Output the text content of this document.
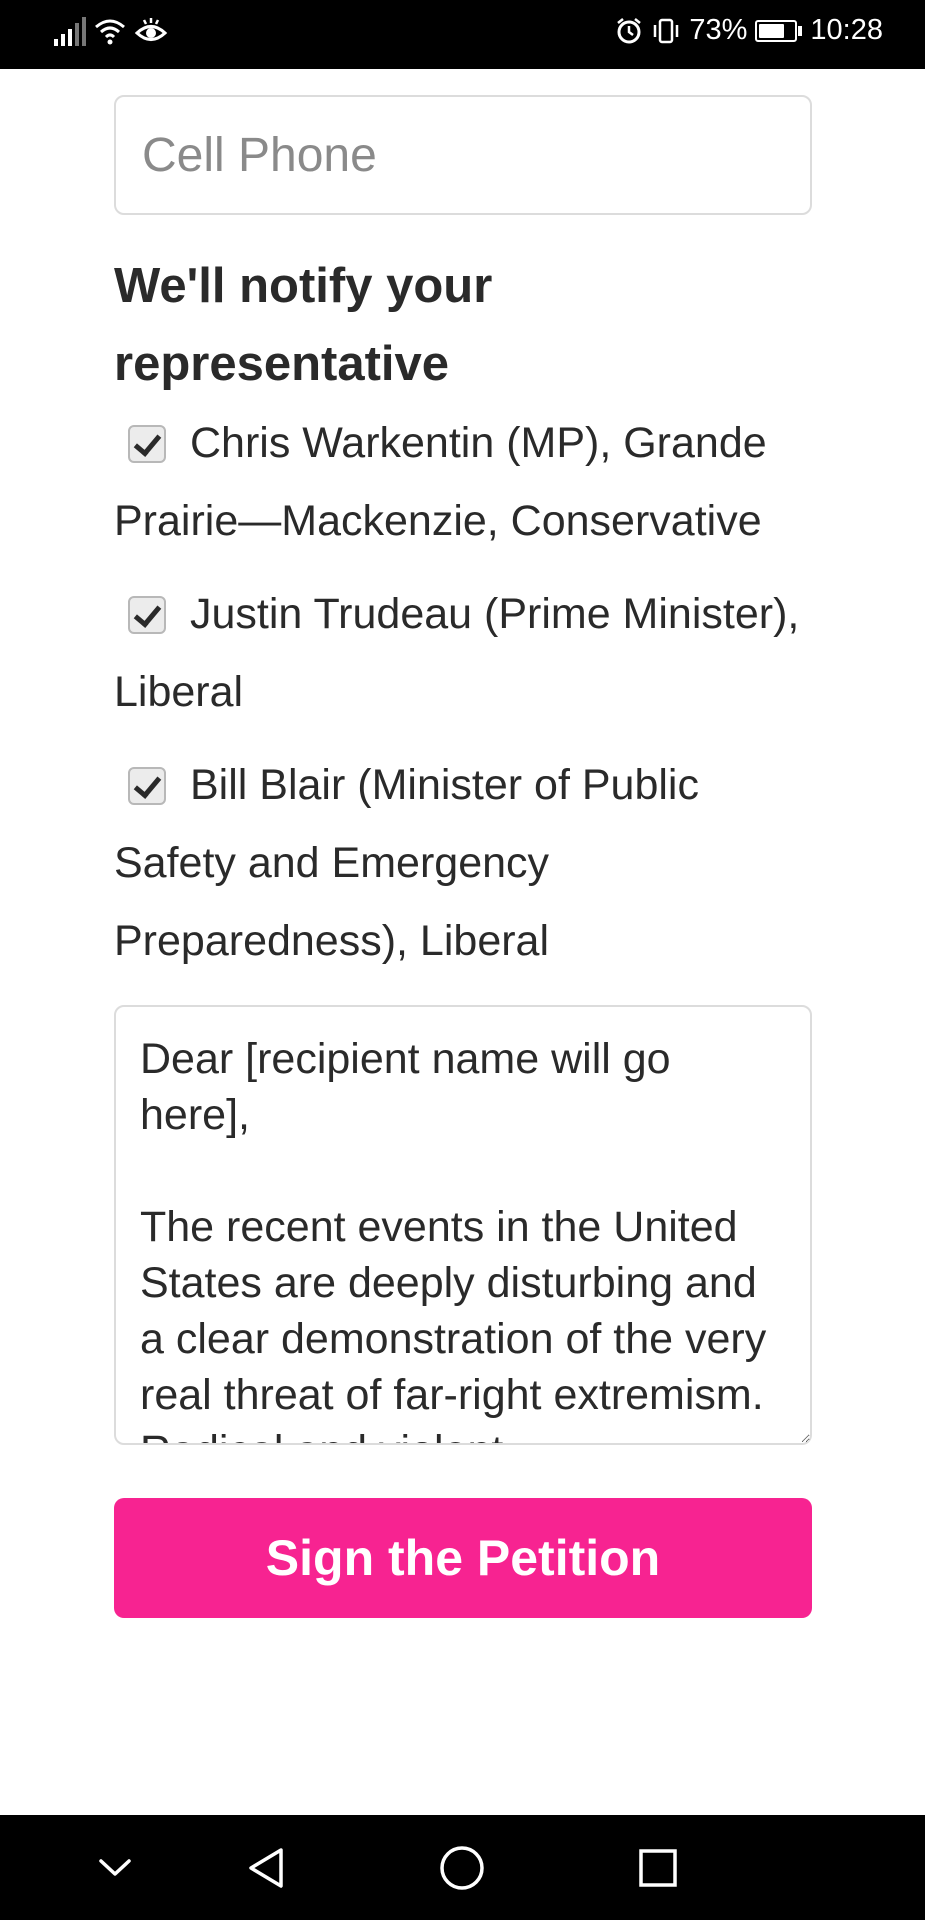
73% 10:28
Cell Phone
We'll notify your representative
Chris Warkentin (MP), Grande Prairie—Mackenzie, Conservative
Justin Trudeau (Prime Minister), Liberal
Bill Blair (Minister of Public Safety and Emergency Preparedness), Liberal
Dear [recipient name will go here], The recent events in the United States are deeply disturbing and a clear demonstration of the very real threat of far-right extremism. Radical and violent
Sign the Petition
